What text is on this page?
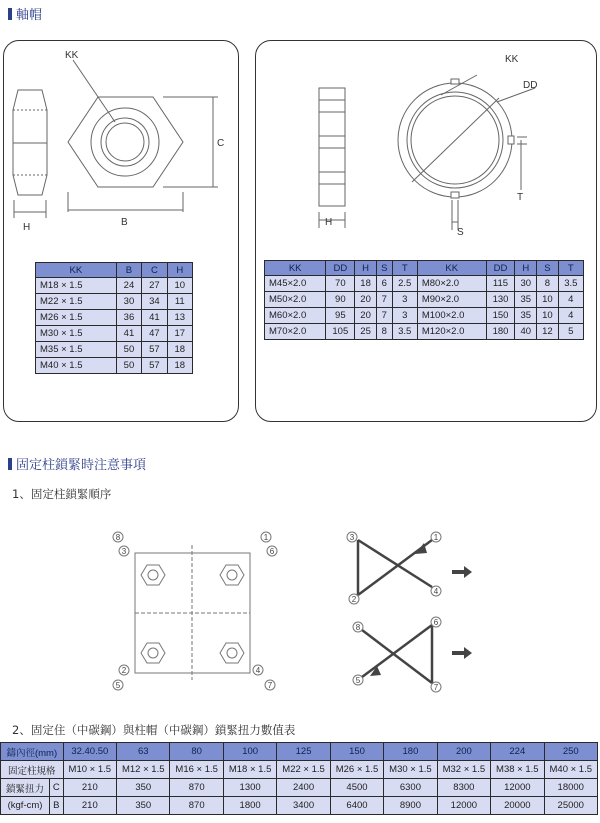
軸帽
H
KK
B
C
KK	B	C	H
M18 × 1.5	24	27	10
M22 × 1.5	30	34	11
M26 × 1.5	36	41	13
M30 × 1.5	41	47	17
M35 × 1.5	50	57	18
M40 × 1.5	50	57	18
KK
DD
H
S
T
KK	DD	H	S	T	KK	DD	H	S	T
M45×2.0	70	18	6	2.5	M80×2.0	115	30	8	3.5
M50×2.0	90	20	7	3	M90×2.0	130	35	10	4
M60×2.0	95	20	7	3	M100×2.0	150	35	10	4
M70×2.0	105	25	8	3.5	M120×2.0	180	40	12	5
固定柱鎖緊時注意事項
1、固定柱鎖緊順序
8
3
1
6
2
5
4
7
3	1
2
4
8
6
5
7
2、固定住（中碳鋼）與柱帽（中碳鋼）鎖緊扭力數值表
鑄內徑(mm)		32.40.50	63	80	100	125	150	180	200	224	250
固定柱規格		M10 × 1.5	M12 × 1.5	M16 × 1.5	M18 × 1.5	M22 × 1.5	M26 × 1.5	M30 × 1.5	M32 × 1.5	M38 × 1.5	M40 × 1.5
鎖緊扭力	C	210	350	870	1300	2400	4500	6300	8300	12000	18000
(kgf-cm)	B	210	350	870	1800	3400	6400	8900	12000	20000	25000
